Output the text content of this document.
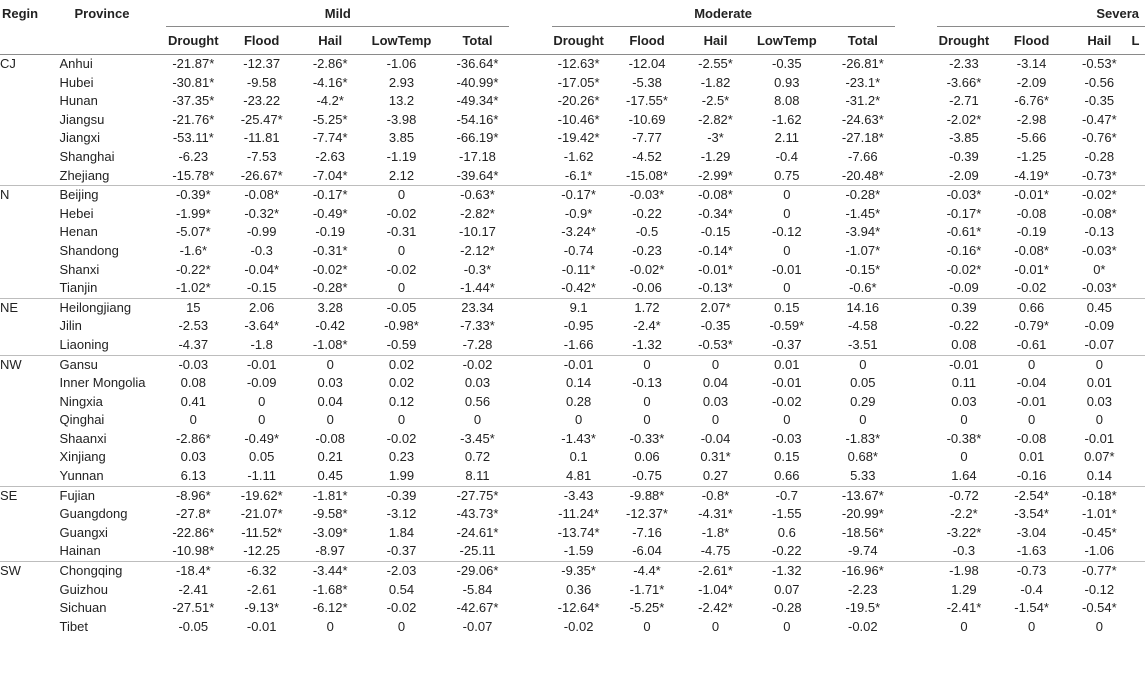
Regin	Province	Mild						Moderate						Severa			
		Drought	Flood	Hail	LowTemp	Total		Drought	Flood	Hail	LowTemp	Total		Drought	Flood	Hail	L
CJ	Anhui	-21.87*	-12.37	-2.86*	-1.06	-36.64*		-12.63*	-12.04	-2.55*	-0.35	-26.81*		-2.33	-3.14	-0.53*	
	Hubei	-30.81*	-9.58	-4.16*	2.93	-40.99*		-17.05*	-5.38	-1.82	0.93	-23.1*		-3.66*	-2.09	-0.56	
	Hunan	-37.35*	-23.22	-4.2*	13.2	-49.34*		-20.26*	-17.55*	-2.5*	8.08	-31.2*		-2.71	-6.76*	-0.35	
	Jiangsu	-21.76*	-25.47*	-5.25*	-3.98	-54.16*		-10.46*	-10.69	-2.82*	-1.62	-24.63*		-2.02*	-2.98	-0.47*	
	Jiangxi	-53.11*	-11.81	-7.74*	3.85	-66.19*		-19.42*	-7.77	-3*	2.11	-27.18*		-3.85	-5.66	-0.76*	
	Shanghai	-6.23	-7.53	-2.63	-1.19	-17.18		-1.62	-4.52	-1.29	-0.4	-7.66		-0.39	-1.25	-0.28	
	Zhejiang	-15.78*	-26.67*	-7.04*	2.12	-39.64*		-6.1*	-15.08*	-2.99*	0.75	-20.48*		-2.09	-4.19*	-0.73*	
N	Beijing	-0.39*	-0.08*	-0.17*	0	-0.63*		-0.17*	-0.03*	-0.08*	0	-0.28*		-0.03*	-0.01*	-0.02*	
	Hebei	-1.99*	-0.32*	-0.49*	-0.02	-2.82*		-0.9*	-0.22	-0.34*	0	-1.45*		-0.17*	-0.08	-0.08*	
	Henan	-5.07*	-0.99	-0.19	-0.31	-10.17		-3.24*	-0.5	-0.15	-0.12	-3.94*		-0.61*	-0.19	-0.13	
	Shandong	-1.6*	-0.3	-0.31*	0	-2.12*		-0.74	-0.23	-0.14*	0	-1.07*		-0.16*	-0.08*	-0.03*	
	Shanxi	-0.22*	-0.04*	-0.02*	-0.02	-0.3*		-0.11*	-0.02*	-0.01*	-0.01	-0.15*		-0.02*	-0.01*	0*	
	Tianjin	-1.02*	-0.15	-0.28*	0	-1.44*		-0.42*	-0.06	-0.13*	0	-0.6*		-0.09	-0.02	-0.03*	
NE	Heilongjiang	15	2.06	3.28	-0.05	23.34		9.1	1.72	2.07*	0.15	14.16		0.39	0.66	0.45	
	Jilin	-2.53	-3.64*	-0.42	-0.98*	-7.33*		-0.95	-2.4*	-0.35	-0.59*	-4.58		-0.22	-0.79*	-0.09	
	Liaoning	-4.37	-1.8	-1.08*	-0.59	-7.28		-1.66	-1.32	-0.53*	-0.37	-3.51		0.08	-0.61	-0.07	
NW	Gansu	-0.03	-0.01	0	0.02	-0.02		-0.01	0	0	0.01	0		-0.01	0	0	
	Inner Mongolia	0.08	-0.09	0.03	0.02	0.03		0.14	-0.13	0.04	-0.01	0.05		0.11	-0.04	0.01	
	Ningxia	0.41	0	0.04	0.12	0.56		0.28	0	0.03	-0.02	0.29		0.03	-0.01	0.03	
	Qinghai	0	0	0	0	0		0	0	0	0	0		0	0	0	
	Shaanxi	-2.86*	-0.49*	-0.08	-0.02	-3.45*		-1.43*	-0.33*	-0.04	-0.03	-1.83*		-0.38*	-0.08	-0.01	
	Xinjiang	0.03	0.05	0.21	0.23	0.72		0.1	0.06	0.31*	0.15	0.68*		0	0.01	0.07*	
	Yunnan	6.13	-1.11	0.45	1.99	8.11		4.81	-0.75	0.27	0.66	5.33		1.64	-0.16	0.14	
SE	Fujian	-8.96*	-19.62*	-1.81*	-0.39	-27.75*		-3.43	-9.88*	-0.8*	-0.7	-13.67*		-0.72	-2.54*	-0.18*	
	Guangdong	-27.8*	-21.07*	-9.58*	-3.12	-43.73*		-11.24*	-12.37*	-4.31*	-1.55	-20.99*		-2.2*	-3.54*	-1.01*	
	Guangxi	-22.86*	-11.52*	-3.09*	1.84	-24.61*		-13.74*	-7.16	-1.8*	0.6	-18.56*		-3.22*	-3.04	-0.45*	
	Hainan	-10.98*	-12.25	-8.97	-0.37	-25.11		-1.59	-6.04	-4.75	-0.22	-9.74		-0.3	-1.63	-1.06	
SW	Chongqing	-18.4*	-6.32	-3.44*	-2.03	-29.06*		-9.35*	-4.4*	-2.61*	-1.32	-16.96*		-1.98	-0.73	-0.77*	
	Guizhou	-2.41	-2.61	-1.68*	0.54	-5.84		0.36	-1.71*	-1.04*	0.07	-2.23		1.29	-0.4	-0.12	
	Sichuan	-27.51*	-9.13*	-6.12*	-0.02	-42.67*		-12.64*	-5.25*	-2.42*	-0.28	-19.5*		-2.41*	-1.54*	-0.54*	
	Tibet	-0.05	-0.01	0	0	-0.07		-0.02	0	0	0	-0.02		0	0	0	
